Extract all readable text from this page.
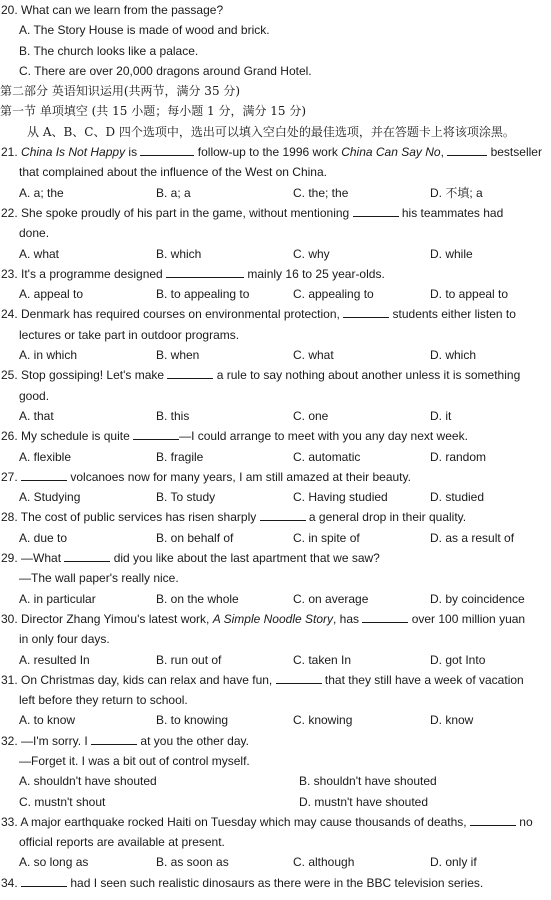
20. What can we learn from the passage?
A. The Story House is made of wood and brick.
B. The church looks like a palace.
C. There are over 20,000 dragons around Grand Hotel.
第二部分 英语知识运用(共两节，满分 35 分)
第一节 单项填空 (共 15 小题；每小题 1 分，满分 15 分)
从 A、B、C、D 四个选项中，选出可以填入空白处的最佳选项，并在答题卡上将该项涂黑。
21. China Is Not Happy is	follow-up to the 1996 work China Can Say No,	bestseller
that complained about the influence of the West on China.
A. a; the	B. a; a	C. the; the	D. 不填; a
22. She spoke proudly of his part in the game, without mentioning	his teammates had
done.
A. what	B. which	C. why	D. while
23. It's a programme designed	mainly 16 to 25 year-olds.
A. appeal to	B. to appealing to	C. appealing to	D. to appeal to
24. Denmark has required courses on environmental protection,	students either listen to
lectures or take part in outdoor programs.
A. in which	B. when	C. what	D. which
25. Stop gossiping! Let's make	a rule to say nothing about another unless it is something
good.
A. that	B. this	C. one	D. it
26. My schedule is quite	—I could arrange to meet with you any day next week.
A. flexible	B. fragile	C. automatic	D. random
27.	volcanoes now for many years, I am still amazed at their beauty.
A. Studying	B. To study	C. Having studied	D. studied
28. The cost of public services has risen sharply	a general drop in their quality.
A. due to	B. on behalf of	C. in spite of	D. as a result of
29. —What	did you like about the last apartment that we saw?
—The wall paper's really nice.
A. in particular	B. on the whole	C. on average	D. by coincidence
30. Director Zhang Yimou's latest work, A Simple Noodle Story, has	over 100 million yuan
in only four days.
A. resulted In	B. run out of	C. taken In	D. got Into
31. On Christmas day, kids can relax and have fun,	that they still have a week of vacation
left before they return to school.
A. to know	B. to knowing	C. knowing	D. know
32. —I'm sorry. I	at you the other day.
—Forget it. I was a bit out of control myself.
A. shouldn't have shouted	B. shouldn't have shouted
C. mustn't shout	D. mustn't have shouted
33. A major earthquake rocked Haiti on Tuesday which may cause thousands of deaths,	no
official reports are available at present.
A. so long as	B. as soon as	C. although	D. only if
34.	had I seen such realistic dinosaurs as there were in the BBC television series.
